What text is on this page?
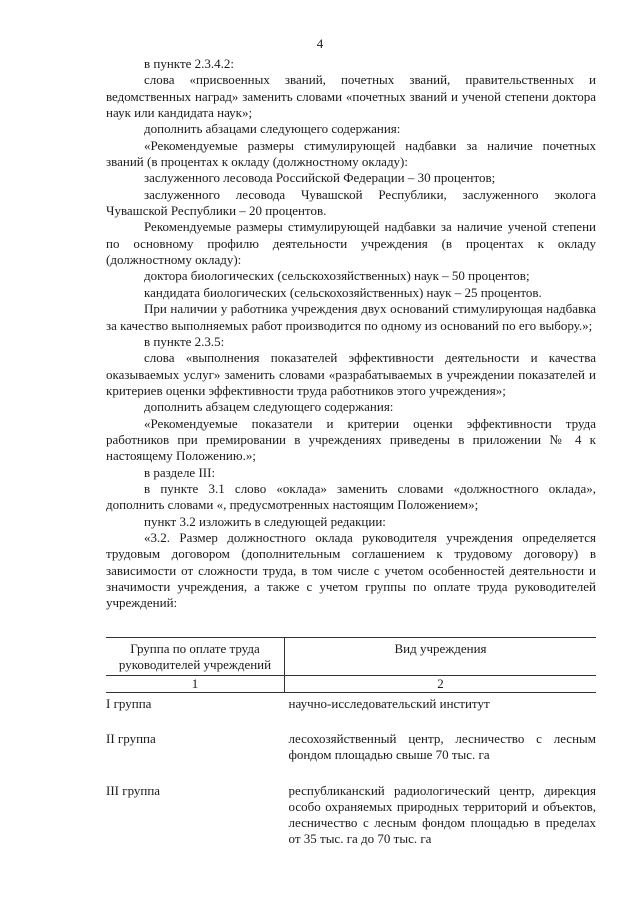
4

в пункте 2.3.4.2:

слова «присвоенных званий, почетных званий, правительственных и ведомственных наград» заменить словами «почетных званий и ученой степени доктора наук или кандидата наук»;

дополнить абзацами следующего содержания:

«Рекомендуемые размеры стимулирующей надбавки за наличие почетных званий (в процентах к окладу (должностному окладу):

заслуженного лесовода Российской Федерации – 30 процентов;

заслуженного лесовода Чувашской Республики, заслуженного эколога Чувашской Республики – 20 процентов.

Рекомендуемые размеры стимулирующей надбавки за наличие ученой степени по основному профилю деятельности учреждения (в процентах к окладу (должностному окладу):

доктора биологических (сельскохозяйственных) наук – 50 процентов;

кандидата биологических (сельскохозяйственных) наук – 25 процентов.

При наличии у работника учреждения двух оснований стимулирующая надбавка за качество выполняемых работ производится по одному из оснований по его выбору.»;

в пункте 2.3.5:

слова «выполнения показателей эффективности деятельности и качества оказываемых услуг» заменить словами «разрабатываемых в учреждении показателей и критериев оценки эффективности труда работников этого учреждения»;

дополнить абзацем следующего содержания:

«Рекомендуемые показатели и критерии оценки эффективности труда работников при премировании в учреждениях приведены в приложении № 4 к настоящему Положению.»;

в разделе III:

в пункте 3.1 слово «оклада» заменить словами «должностного оклада», дополнить словами «, предусмотренных настоящим Положением»;

пункт 3.2 изложить в следующей редакции:

«3.2. Размер должностного оклада руководителя учреждения определяется трудовым договором (дополнительным соглашением к трудовому договору) в зависимости от сложности труда, в том числе с учетом особенностей деятельности и значимости учреждения, а также с учетом группы по оплате труда руководителей учреждений:

Группа по оплате труда руководителей учреждений	Вид учреждения
1	2
I группа	научно-исследовательский институт
II группа	лесохозяйственный центр, лесничество с лесным фондом площадью свыше 70 тыс. га
III группа	республиканский радиологический центр, дирекция особо охраняемых природных территорий и объектов, лесничество с лесным фондом площадью в пределах от 35 тыс. га до 70 тыс. га
